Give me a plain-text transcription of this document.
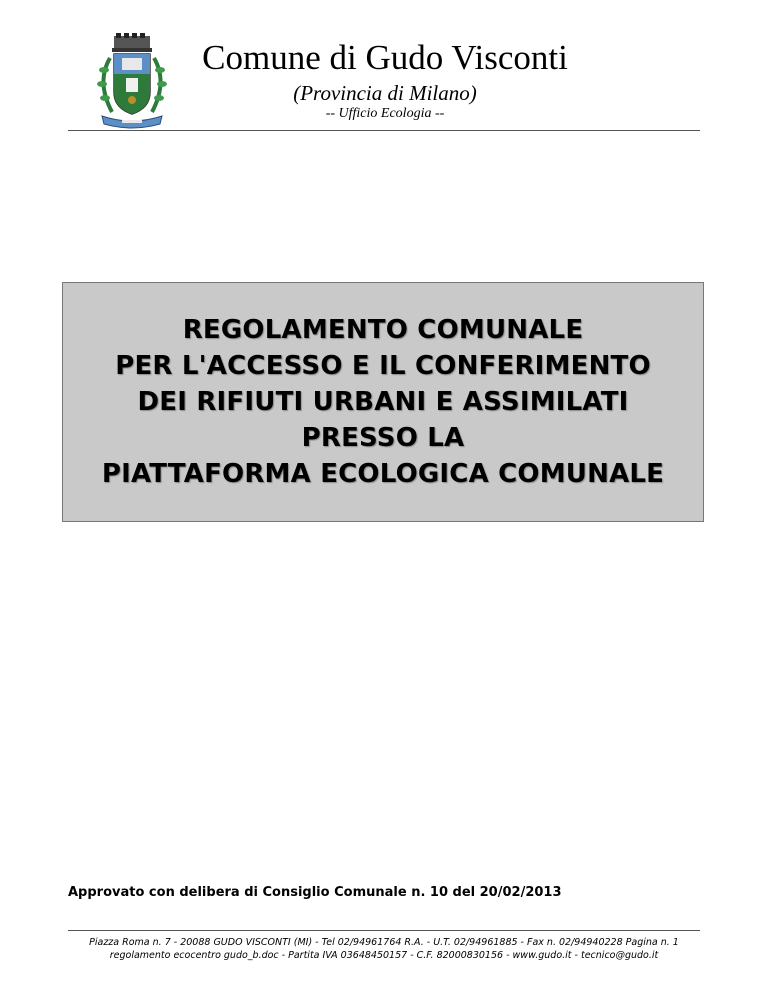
Comune di Gudo Visconti
(Provincia di Milano)
-- Ufficio Ecologia --
REGOLAMENTO COMUNALE
PER L'ACCESSO E IL CONFERIMENTO
DEI RIFIUTI URBANI E ASSIMILATI
PRESSO LA
PIATTAFORMA ECOLOGICA COMUNALE
Approvato con delibera di Consiglio Comunale n. 10 del 20/02/2013
Piazza Roma n. 7 - 20088 GUDO VISCONTI (MI) - Tel 02/94961764 R.A. - U.T. 02/94961885 - Fax n. 02/94940228 Pagina n. 1
regolamento ecocentro gudo_b.doc - Partita IVA 03648450157 - C.F. 82000830156 - www.gudo.it - tecnico@gudo.it
